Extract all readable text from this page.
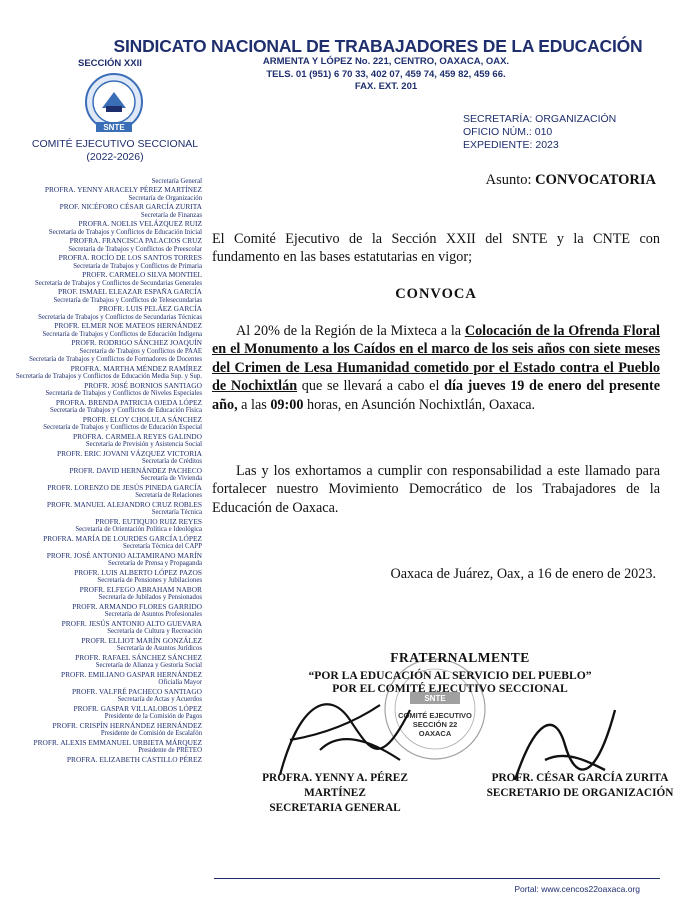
SINDICATO NACIONAL DE TRABAJADORES DE LA EDUCACIÓN
SECCIÓN XXII	ARMENTA Y LÓPEZ No. 221, CENTRO, OAXACA, OAX.
TELS. 01 (951) 6 70 33, 402 07, 459 74, 459 82, 459 66.
FAX. EXT. 201
SNTE
COMITÉ EJECUTIVO SECCIONAL
(2022-2026)
SECRETARÍA: ORGANIZACIÓN
OFICIO NÚM.: 010
EXPEDIENTE: 2023
Secretaría General
PROFRA. YENNY ARACELY PÉREZ MARTÍNEZ
Secretaría de Organización
PROF. NICÉFORO CÉSAR GARCÍA ZURITA
Secretaría de Finanzas
PROFRA. NOELIS VELÁZQUEZ RUIZ
Secretaría de Trabajos y Conflictos de Educación Inicial
PROFRA. FRANCISCA PALACIOS CRUZ
Secretaría de Trabajos y Conflictos de Preescolar
PROFRA. ROCÍO DE LOS SANTOS TORRES
Secretaría de Trabajos y Conflictos de Primaria
PROFR. CARMELO SILVA MONTIEL
Secretaría de Trabajos y Conflictos de Secundarias Generales
PROF. ISMAEL ELEAZAR ESPAÑA GARCÍA
Secretaría de Trabajos y Conflictos de Telesecundarias
PROFR. LUIS PELÁEZ GARCÍA
Secretaría de Trabajos y Conflictos de Secundarias Técnicas
PROFR. ELMER NOE MATEOS HERNÁNDEZ
Secretaría de Trabajos y Conflictos de Educación Indígena
PROFR. RODRIGO SÁNCHEZ JOAQUÍN
Secretaría de Trabajos y Conflictos de PAAE
Secretaría de Trabajos y Conflictos de Formadores de Docentes
PROFRA. MARTHA MÉNDEZ RAMÍREZ
Secretaría de Trabajos y Conflictos de Educación Media Sup. y Sup.
PROFR. JOSÉ BORNIOS SANTIAGO
Secretaría de Trabajos y Conflictos de Niveles Especiales
PROFRA. BRENDA PATRICIA OJEDA LÓPEZ
Secretaría de Trabajos y Conflictos de Educación Física
PROFR. ELOY CHOLULA SÁNCHEZ
Secretaría de Trabajos y Conflictos de Educación Especial
PROFRA. CARMELA REYES GALINDO
Secretaría de Previsión y Asistencia Social
PROFR. ERIC JOVANI VÁZQUEZ VICTORIA
Secretaría de Créditos
PROFR. DAVID HERNÁNDEZ PACHECO
Secretaría de Vivienda
PROFR. LORENZO DE JESÚS PINEDA GARCÍA
Secretaría de Relaciones
PROFR. MANUEL ALEJANDRO CRUZ ROBLES
Secretaría Técnica
PROFR. EUTIQUIO RUIZ REYES
Secretaría de Orientación Política e Ideológica
PROFRA. MARÍA DE LOURDES GARCÍA LÓPEZ
Secretaría Técnica del CAPP
PROFR. JOSÉ ANTONIO ALTAMIRANO MARÍN
Secretaría de Prensa y Propaganda
PROFR. LUIS ALBERTO LÓPEZ PAZOS
Secretaría de Pensiones y Jubilaciones
PROFR. ELFEGO ABRAHAM NABOR
Secretaría de Jubilados y Pensionados
PROFR. ARMANDO FLORES GARRIDO
Secretaría de Asuntos Profesionales
PROFR. JESÚS ANTONIO ALTO GUEVARA
Secretaría de Cultura y Recreación
PROFR. ELLIOT MARÍN GONZÁLEZ
Secretaría de Asuntos Jurídicos
PROFR. RAFAEL SÁNCHEZ SÁNCHEZ
Secretaría de Alianza y Gestoría Social
PROFR. EMILIANO GASPAR HERNÁNDEZ
Oficialía Mayor
PROFR. VALFRÉ PACHECO SANTIAGO
Secretaría de Actas y Acuerdos
PROFR. GASPAR VILLALOBOS LÓPEZ
Presidente de la Comisión de Pagos
PROFR. CRISPÍN HERNÁNDEZ HERNÁNDEZ
Presidente de Comisión de Escalafón
PROFR. ALEXIS EMMANUEL URBIETA MÁRQUEZ
Presidente de PRETEO
PROFRA. ELIZABETH CASTILLO PÉREZ
Asunto: CONVOCATORIA
El Comité Ejecutivo de la Sección XXII del SNTE y la CNTE con fundamento en las bases estatutarias en vigor;
CONVOCA
Al 20% de la Región de la Mixteca a la Colocación de la Ofrenda Floral en el Monumento a los Caídos en el marco de los seis años con siete meses del Crimen de Lesa Humanidad cometido por el Estado contra el Pueblo de Nochixtlán que se llevará a cabo el día jueves 19 de enero del presente año, a las 09:00 horas, en Asunción Nochixtlán, Oaxaca.
Las y los exhortamos a cumplir con responsabilidad a este llamado para fortalecer nuestro Movimiento Democrático de los Trabajadores de la Educación de Oaxaca.
Oaxaca de Juárez, Oax, a 16 de enero de 2023.
SNTE
COMITÉ EJECUTIVO
SECCIÓN 22
OAXACA
FRATERNALMENTE
“POR LA EDUCACIÓN AL SERVICIO DEL PUEBLO”
POR EL COMITÉ EJECUTIVO SECCIONAL
PROFRA. YENNY A. PÉREZ MARTÍNEZ
SECRETARIA GENERAL
PROFR. CÉSAR GARCÍA ZURITA
SECRETARIO DE ORGANIZACIÓN
Portal: www.cencos22oaxaca.org
